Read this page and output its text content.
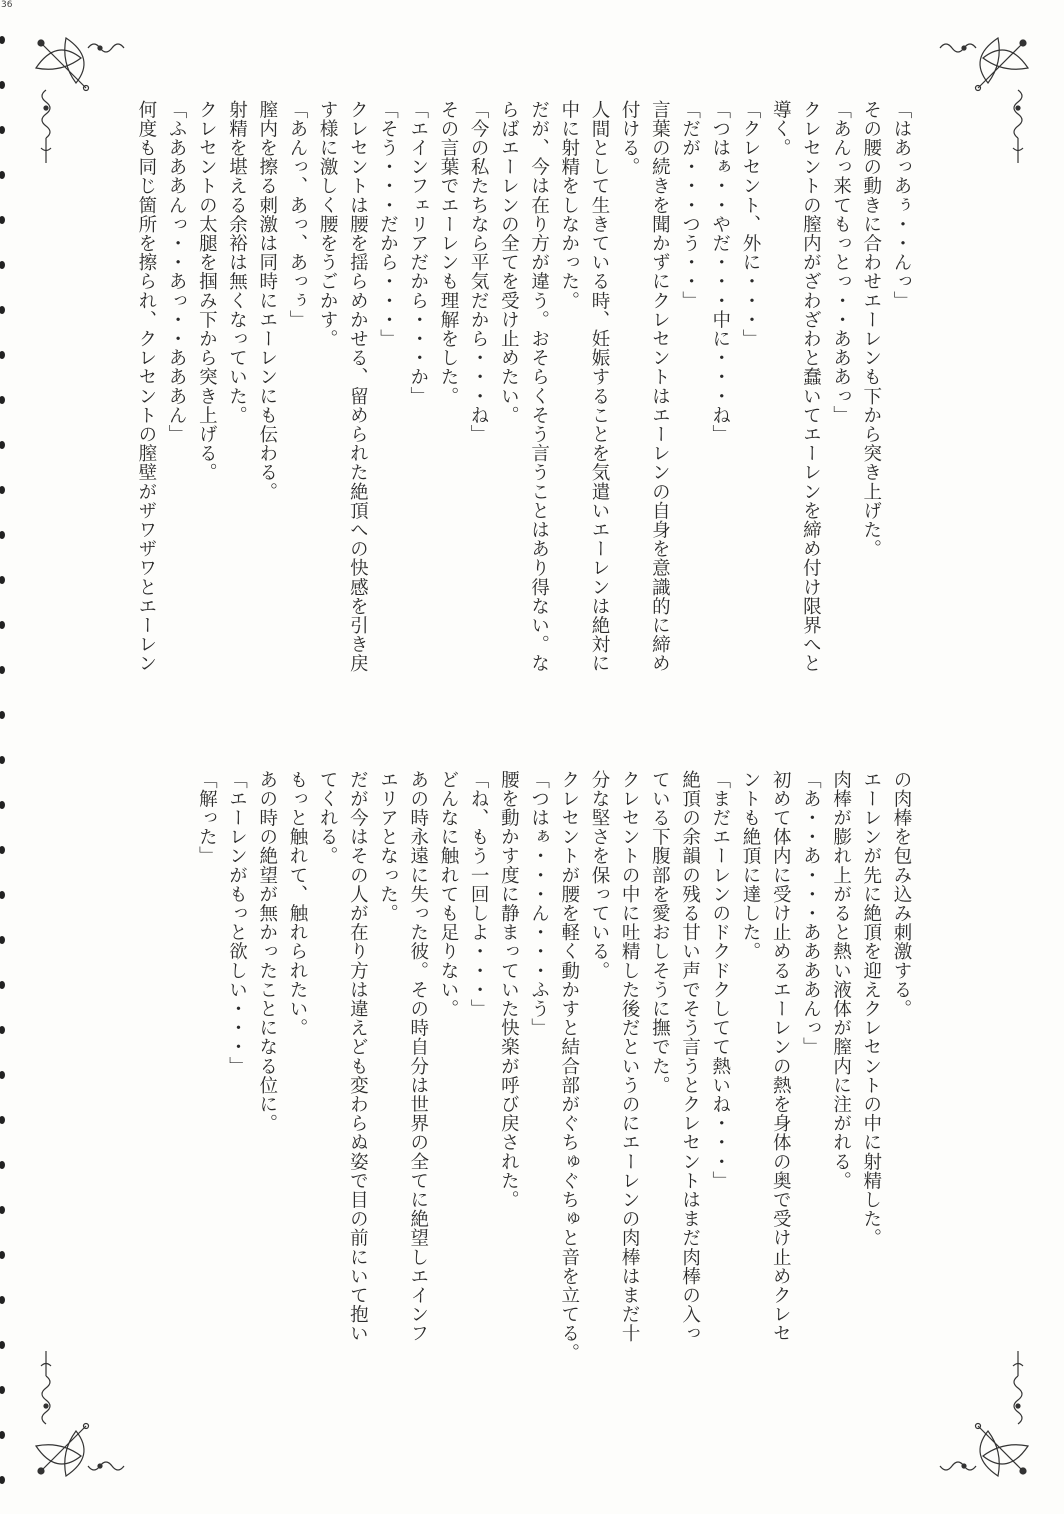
36

「はあっあぅ・・んっ」

その腰の動きに合わせエーレンも下から突き上げた。

「あんっ来てもっとっ・・あああっ」

クレセントの膣内がざわざわと蠢いてエーレンを締め付け限界へと

導く。

「クレセント、外に・・・」

「つはぁ・・やだ・・・中に・・・ね」

「だが・・・つう・・」

言葉の続きを聞かずにクレセントはエーレンの自身を意識的に締め

付ける。

人間として生きている時、妊娠することを気遣いエーレンは絶対に

中に射精をしなかった。

だが、今は在り方が違う。おそらくそう言うことはあり得ない。な

らばエーレンの全てを受け止めたい。

「今の私たちなら平気だから・・・ね」

その言葉でエーレンも理解をした。

「エインフェリアだから・・・か」

「そう・・・だから・・・」

クレセントは腰を揺らめかせる、留められた絶頂への快感を引き戻

す様に激しく腰をうごかす。

「あんっ、あっ、あっぅ」

膣内を擦る刺激は同時にエーレンにも伝わる。

射精を堪える余裕は無くなっていた。

クレセントの太腿を掴み下から突き上げる。

「ふあああんっ・・あっ・・あああん」

何度も同じ箇所を擦られ、クレセントの膣壁がザワザワとエーレン

の肉棒を包み込み刺激する。

エーレンが先に絶頂を迎えクレセントの中に射精した。

肉棒が膨れ上がると熱い液体が膣内に注がれる。

「あ・・あ・・・ああああんっ」

初めて体内に受け止めるエーレンの熱を身体の奥で受け止めクレセ

ントも絶頂に達した。

「まだエーレンのドクドクしてて熱いね・・・」

絶頂の余韻の残る甘い声でそう言うとクレセントはまだ肉棒の入っ

ている下腹部を愛おしそうに撫でた。

クレセントの中に吐精した後だというのにエーレンの肉棒はまだ十

分な堅さを保っている。

クレセントが腰を軽く動かすと結合部がぐちゅぐちゅと音を立てる。

「つはぁ・・・ん・・・ふう」

腰を動かす度に静まっていた快楽が呼び戻された。

「ね、もう一回しよ・・・」

どんなに触れても足りない。

あの時永遠に失った彼。その時自分は世界の全てに絶望しエインフ

エリアとなった。

だが今はその人が在り方は違えども変わらぬ姿で目の前にいて抱い

てくれる。

もっと触れて、触れられたい。

あの時の絶望が無かったことになる位に。

「エーレンがもっと欲しい・・・」

「解った」
